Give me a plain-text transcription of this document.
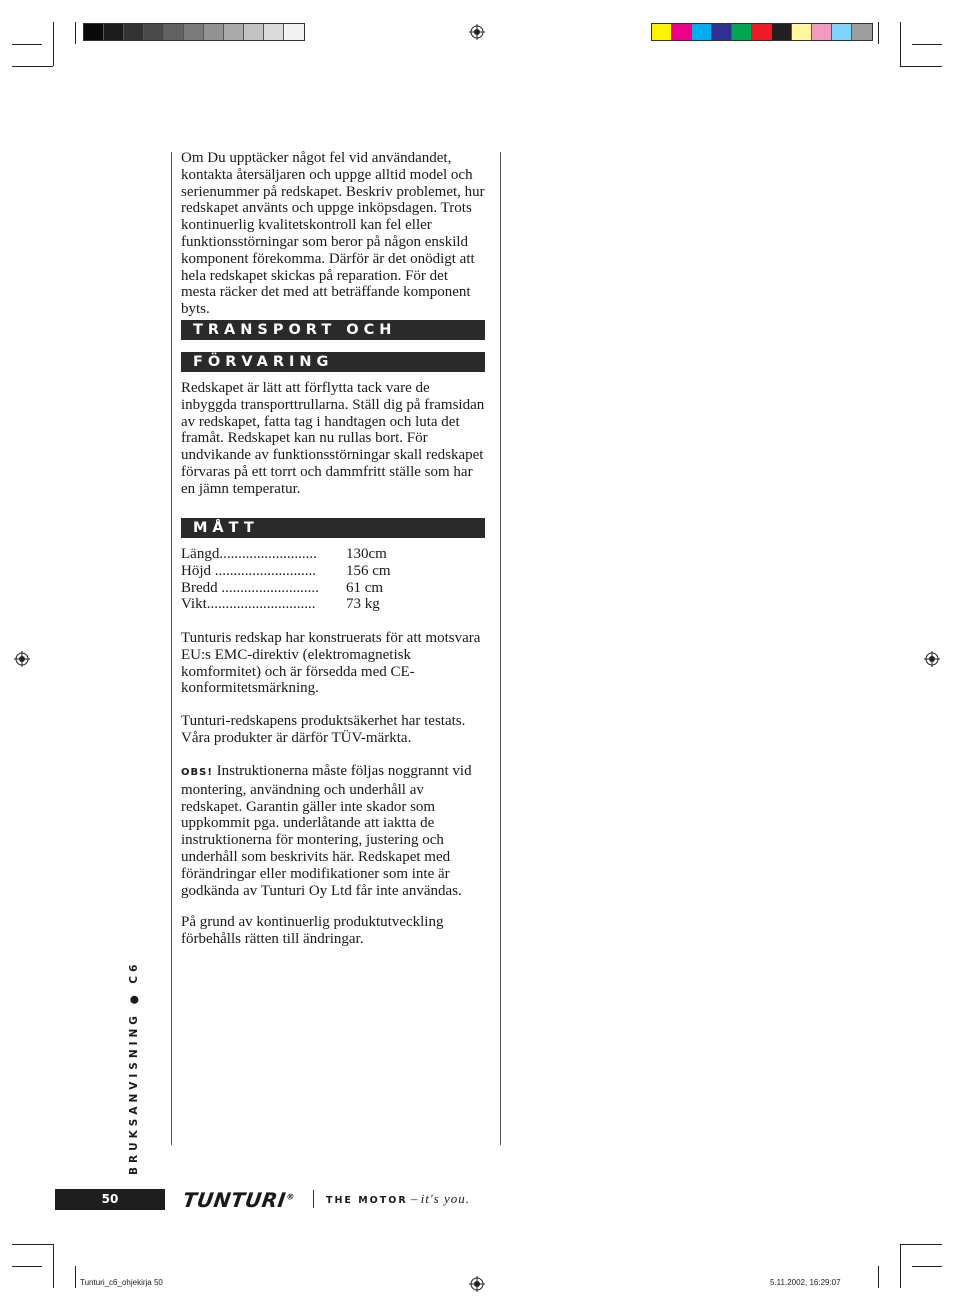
Om Du upptäcker något fel vid användandet, kontakta återsäljaren och uppge alltid model och serienummer på redskapet. Beskriv problemet, hur redskapet använts och uppge inköpsdagen. Trots kontinuerlig kvalitetskontroll kan fel eller funktionsstörningar som beror på någon enskild komponent förekomma. Därför är det onödigt att hela redskapet skickas på reparation. För det mesta räcker det med att beträffande komponent byts.

TRANSPORT OCH
FÖRVARING

Redskapet är lätt att förflytta tack vare de inbyggda transporttrullarna. Ställ dig på framsidan av redskapet, fatta tag i handtagen och luta det framåt. Redskapet kan nu rullas bort. För undvikande av funktionsstörningar skall redskapet förvaras på ett torrt och dammfritt ställe som har en jämn temperatur.

MÅTT
Längd..........................	130cm
Höjd ...........................	156 cm
Bredd ..........................	61 cm
Vikt.............................	73 kg

Tunturis redskap har konstruerats för att motsvara EU:s EMC-direktiv (elektromagnetisk komformitet) och är försedda med CE-konformitetsmärkning.

Tunturi-redskapens produktsäkerhet har testats. Våra produkter är därför TÜV-märkta.

OBS! Instruktionerna måste följas noggrannt vid montering, användning och underhåll av redskapet. Garantin gäller inte skador som uppkommit pga. underlåtande att iaktta de instruktionerna för montering, justering och underhåll som beskrivits här. Redskapet med förändringar eller modifikationer som inte är godkända av Tunturi Oy Ltd får inte användas.

På grund av kontinuerlig produktutveckling förbehålls rätten till ändringar.

BRUKSANVISNING ● C6
50	TUNTURI®	THE MOTOR – it's you.
Tunturi_c6_ohjekirja 50	5.11.2002, 16:29:07
